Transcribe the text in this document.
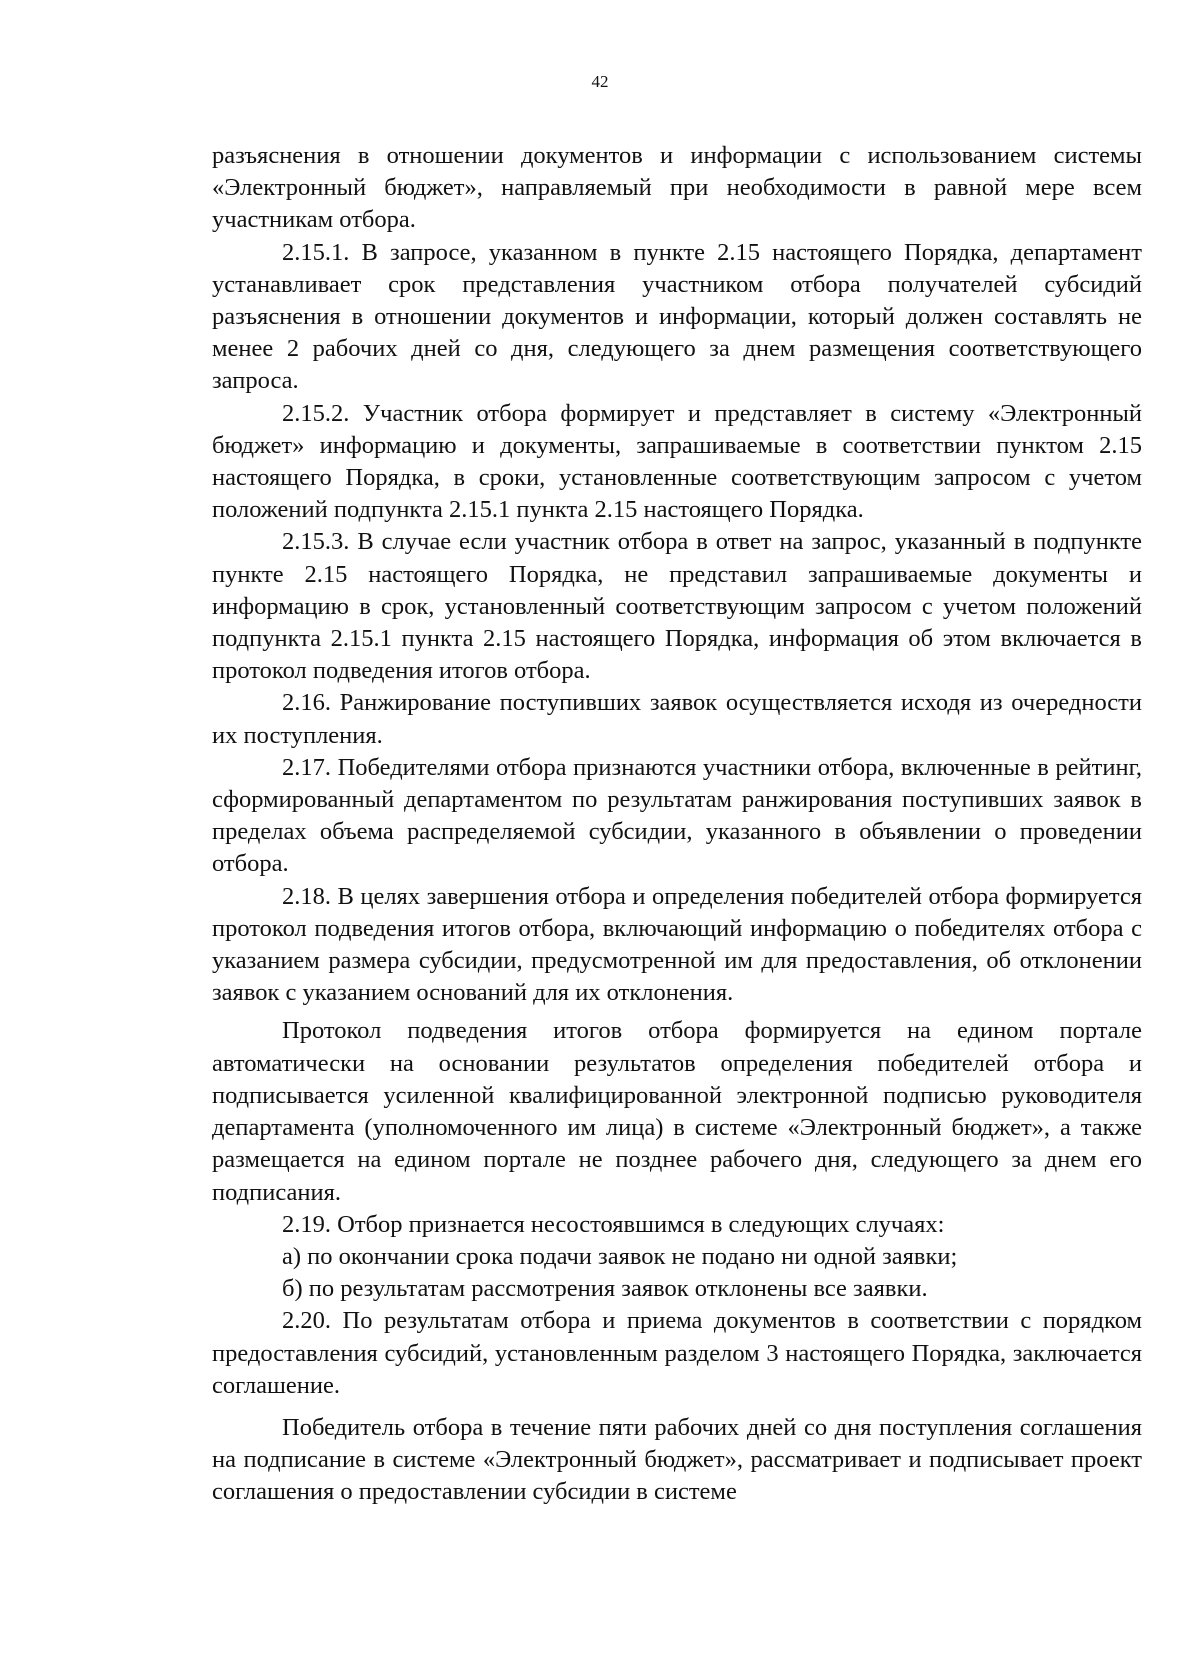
42

разъяснения в отношении документов и информации с использованием системы «Электронный бюджет», направляемый при необходимости в равной мере всем участникам отбора.

2.15.1. В запросе, указанном в пункте 2.15 настоящего Порядка, департамент устанавливает срок представления участником отбора получателей субсидий разъяснения в отношении документов и информации, который должен составлять не менее 2 рабочих дней со дня, следующего за днем размещения соответствующего запроса.

2.15.2. Участник отбора формирует и представляет в систему «Электронный бюджет» информацию и документы, запрашиваемые в соответствии пунктом 2.15 настоящего Порядка, в сроки, установленные соответствующим запросом с учетом положений подпункта 2.15.1 пункта 2.15 настоящего Порядка.

2.15.3. В случае если участник отбора в ответ на запрос, указанный в подпункте пункте 2.15 настоящего Порядка, не представил запрашиваемые документы и информацию в срок, установленный соответствующим запросом с учетом положений подпункта 2.15.1 пункта 2.15 настоящего Порядка, информация об этом включается в протокол подведения итогов отбора.

2.16. Ранжирование поступивших заявок осуществляется исходя из очередности их поступления.

2.17. Победителями отбора признаются участники отбора, включенные в рейтинг, сформированный департаментом по результатам ранжирования поступивших заявок в пределах объема распределяемой субсидии, указанного в объявлении о проведении отбора.

2.18. В целях завершения отбора и определения победителей отбора формируется протокол подведения итогов отбора, включающий информацию о победителях отбора с указанием размера субсидии, предусмотренной им для предоставления, об отклонении заявок с указанием оснований для их отклонения.

Протокол подведения итогов отбора формируется на едином портале автоматически на основании результатов определения победителей отбора и подписывается усиленной квалифицированной электронной подписью руководителя департамента (уполномоченного им лица) в системе «Электронный бюджет», а также размещается на едином портале не позднее рабочего дня, следующего за днем его подписания.

2.19. Отбор признается несостоявшимся в следующих случаях:

а) по окончании срока подачи заявок не подано ни одной заявки;

б) по результатам рассмотрения заявок отклонены все заявки.

2.20. По результатам отбора и приема документов в соответствии с порядком предоставления субсидий, установленным разделом 3 настоящего Порядка, заключается соглашение.

Победитель отбора в течение пяти рабочих дней со дня поступления соглашения на подписание в системе «Электронный бюджет», рассматривает и подписывает проект соглашения о предоставлении субсидии в системе
